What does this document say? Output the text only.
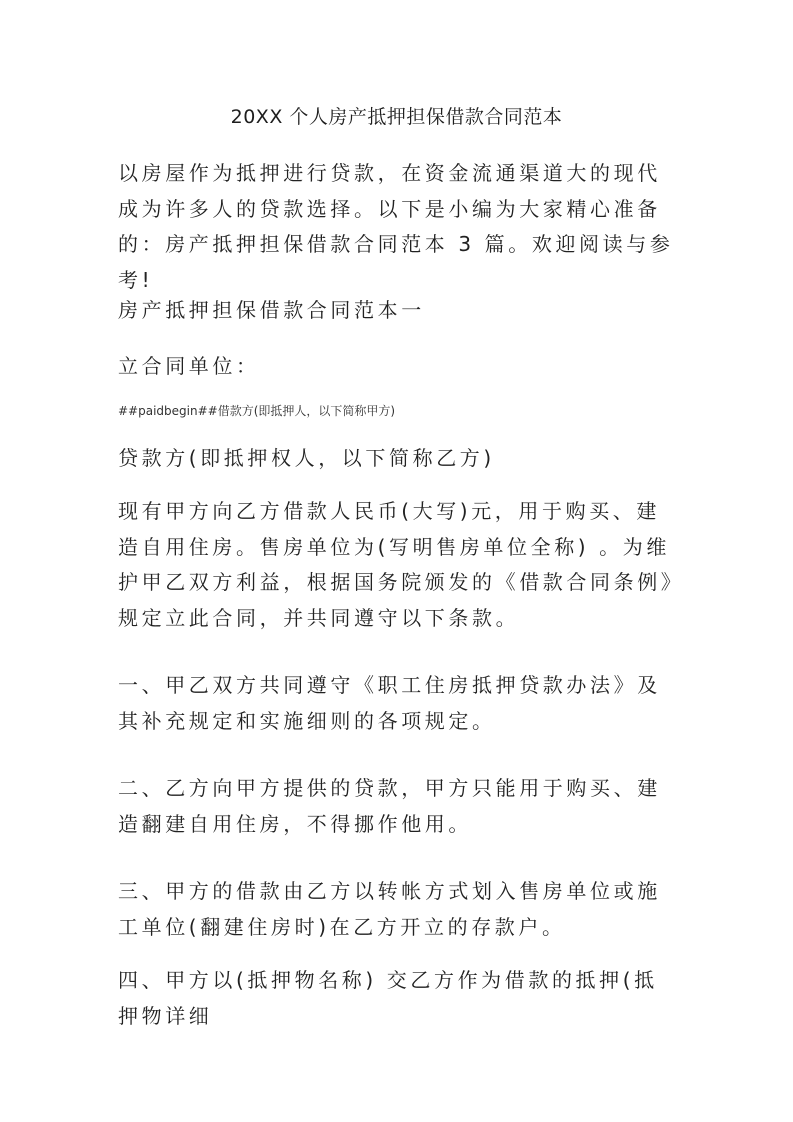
20XX 个人房产抵押担保借款合同范本

以房屋作为抵押进行贷款，在资金流通渠道大的现代成为许多人的贷款选择。以下是小编为大家精心准备的：房产抵押担保借款合同范本 3 篇。欢迎阅读与参考!

房产抵押担保借款合同范本一

立合同单位：

##paidbegin##借款方(即抵押人，以下简称甲方)

贷款方(即抵押权人，以下简称乙方)

现有甲方向乙方借款人民币(大写)元，用于购买、建造自用住房。售房单位为(写明售房单位全称) 。为维护甲乙双方利益，根据国务院颁发的《借款合同条例》规定立此合同，并共同遵守以下条款。

一、甲乙双方共同遵守《职工住房抵押贷款办法》及其补充规定和实施细则的各项规定。

二、乙方向甲方提供的贷款，甲方只能用于购买、建造翻建自用住房，不得挪作他用。

三、甲方的借款由乙方以转帐方式划入售房单位或施工单位(翻建住房时)在乙方开立的存款户。

四、甲方以(抵押物名称) 交乙方作为借款的抵押(抵押物详细
